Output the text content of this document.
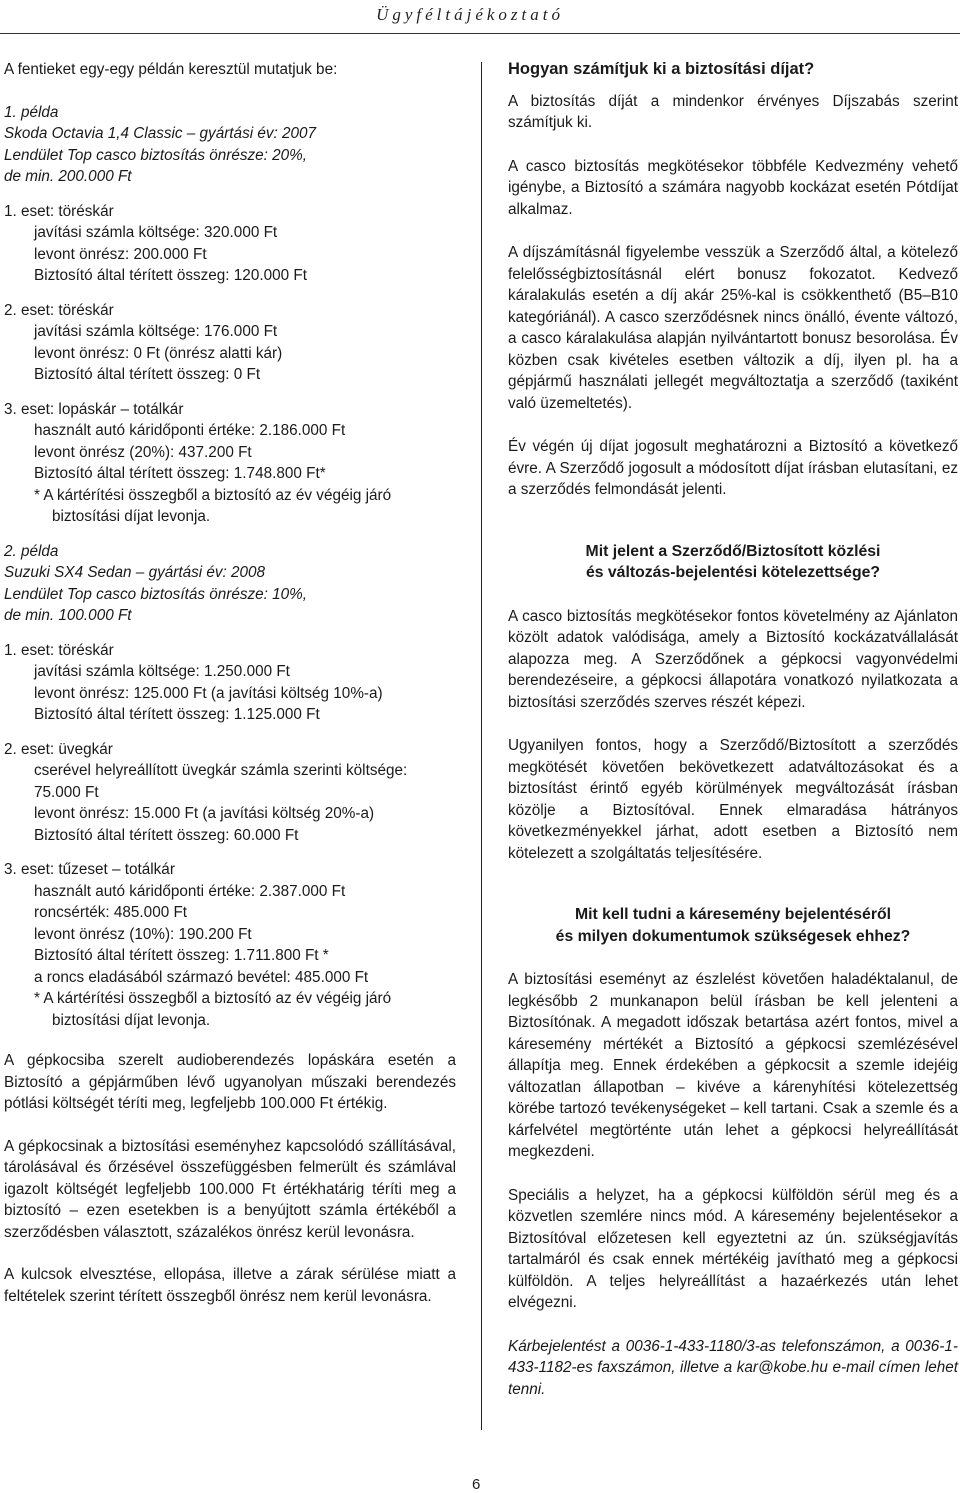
Ügyféltájékoztató

A fentieket egy-egy példán keresztül mutatjuk be:

1. példa

Skoda Octavia 1,4 Classic – gyártási év: 2007

Lendület Top casco biztosítás önrésze: 20%,

de min. 200.000 Ft

1. eset: töréskár

javítási számla költsége: 320.000 Ft

levont önrész: 200.000 Ft

Biztosító által térített összeg: 120.000 Ft

2. eset: töréskár

javítási számla költsége: 176.000 Ft

levont önrész: 0 Ft (önrész alatti kár)

Biztosító által térített összeg: 0 Ft

3. eset: lopáskár – totálkár

használt autó káridőponti értéke: 2.186.000 Ft

levont önrész (20%): 437.200 Ft

Biztosító által térített összeg: 1.748.800 Ft*

* A kártérítési összegből a biztosító az év végéig járó biztosítási díjat levonja.

2. példa

Suzuki SX4 Sedan – gyártási év: 2008

Lendület Top casco biztosítás önrésze: 10%,

de min. 100.000 Ft

1. eset: töréskár

javítási számla költsége: 1.250.000 Ft

levont önrész: 125.000 Ft (a javítási költség 10%-a)

Biztosító által térített összeg: 1.125.000 Ft

2. eset: üvegkár

cserével helyreállított üvegkár számla szerinti költsége: 75.000 Ft

levont önrész: 15.000 Ft (a javítási költség 20%-a)

Biztosító által térített összeg: 60.000 Ft

3. eset: tűzeset – totálkár

használt autó káridőponti értéke: 2.387.000 Ft

roncsérték: 485.000 Ft

levont önrész (10%): 190.200 Ft

Biztosító által térített összeg: 1.711.800 Ft *

a roncs eladásából származó bevétel: 485.000 Ft

* A kártérítési összegből a biztosító az év végéig járó biztosítási díjat levonja.

A gépkocsiba szerelt audioberendezés lopáskára esetén a Biztosító a gépjárműben lévő ugyanolyan műszaki berendezés pótlási költségét téríti meg, legfeljebb 100.000 Ft értékig.

A gépkocsinak a biztosítási eseményhez kapcsolódó szállításával, tárolásával és őrzésével összefüggésben felmerült és számlával igazolt költségét legfeljebb 100.000 Ft értékhatárig téríti meg a biztosító – ezen esetekben is a benyújtott számla értékéből a szerződésben választott, százalékos önrész kerül levonásra.

A kulcsok elvesztése, ellopása, illetve a zárak sérülése miatt a feltételek szerint térített összegből önrész nem kerül levonásra.

Hogyan számítjuk ki a biztosítási díjat?

A biztosítás díját a mindenkor érvényes Díjszabás szerint számítjuk ki.

A casco biztosítás megkötésekor többféle Kedvezmény vehető igénybe, a Biztosító a számára nagyobb kockázat esetén Pótdíjat alkalmaz.

A díjszámításnál figyelembe vesszük a Szerződő által, a kötelező felelősségbiztosításnál elért bonusz fokozatot. Kedvező káralakulás esetén a díj akár 25%-kal is csökkenthető (B5–B10 kategóriánál). A casco szerződésnek nincs önálló, évente változó, a casco káralakulása alapján nyilvántartott bonusz besorolása. Év közben csak kivételes esetben változik a díj, ilyen pl. ha a gépjármű használati jellegét megváltoztatja a szerződő (taxiként való üzemeltetés).

Év végén új díjat jogosult meghatározni a Biztosító a következő évre. A Szerződő jogosult a módosított díjat írásban elutasítani, ez a szerződés felmondását jelenti.

Mit jelent a Szerződő/Biztosított közlési
és változás-bejelentési kötelezettsége?

A casco biztosítás megkötésekor fontos követelmény az Ajánlaton közölt adatok valódisága, amely a Biztosító kockázatvállalását alapozza meg. A Szerződőnek a gépkocsi vagyonvédelmi berendezéseire, a gépkocsi állapotára vonatkozó nyilatkozata a biztosítási szerződés szerves részét képezi.

Ugyanilyen fontos, hogy a Szerződő/Biztosított a szerződés megkötését követően bekövetkezett adatváltozásokat és a biztosítást érintő egyéb körülmények megváltozását írásban közölje a Biztosítóval. Ennek elmaradása hátrányos következményekkel járhat, adott esetben a Biztosító nem kötelezett a szolgáltatás teljesítésére.

Mit kell tudni a káresemény bejelentéséről
és milyen dokumentumok szükségesek ehhez?

A biztosítási eseményt az észlelést követően haladéktalanul, de legkésőbb 2 munkanapon belül írásban be kell jelenteni a Biztosítónak. A megadott időszak betartása azért fontos, mivel a káresemény mértékét a Biztosító a gépkocsi szemlézésével állapítja meg. Ennek érdekében a gépkocsit a szemle idejéig változatlan állapotban – kivéve a kárenyhítési kötelezettség körébe tartozó tevékenységeket – kell tartani. Csak a szemle és a kárfelvétel megtörténte után lehet a gépkocsi helyreállítását megkezdeni.

Speciális a helyzet, ha a gépkocsi külföldön sérül meg és a közvetlen szemlére nincs mód. A káresemény bejelentésekor a Biztosítóval előzetesen kell egyeztetni az ún. szükségjavítás tartalmáról és csak ennek mértékéig javítható meg a gépkocsi külföldön. A teljes helyreállítást a hazaérkezés után lehet elvégezni.

Kárbejelentést a 0036-1-433-1180/3-as telefonszámon, a 0036-1-433-1182-es faxszámon, illetve a kar@kobe.hu e-mail címen lehet tenni.

6
